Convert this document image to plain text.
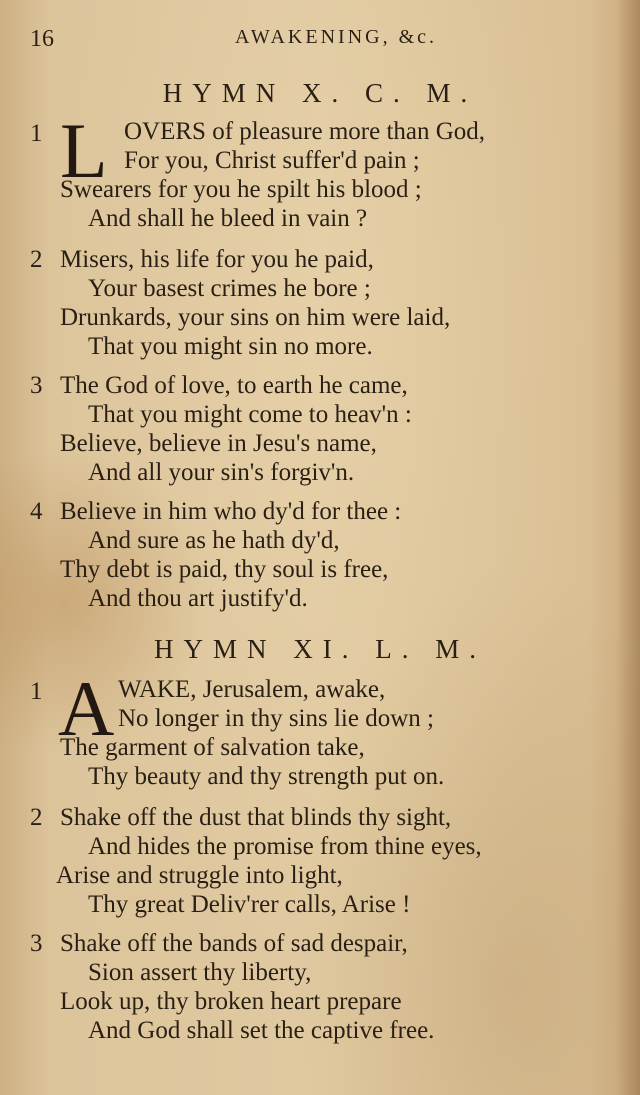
16	AWAKENING, &c.
HYMN X. C. M.
1 L OVERS of pleasure more than God,
For you, Christ suffer'd pain ;
Swearers for you he spilt his blood ;
And shall he bleed in vain ?
2 Misers, his life for you he paid,
Your basest crimes he bore ;
Drunkards, your sins on him were laid,
That you might sin no more.
3 The God of love, to earth he came,
That you might come to heav'n :
Believe, believe in Jesu's name,
And all your sin's forgiv'n.
4 Believe in him who dy'd for thee :
And sure as he hath dy'd,
Thy debt is paid, thy soul is free,
And thou art justify'd.
HYMN XI. L. M.
1 A WAKE, Jerusalem, awake,
No longer in thy sins lie down ;
The garment of salvation take,
Thy beauty and thy strength put on.
2 Shake off the dust that blinds thy sight,
And hides the promise from thine eyes,
Arise and struggle into light,
Thy great Deliv'rer calls, Arise !
3 Shake off the bands of sad despair,
Sion assert thy liberty,
Look up, thy broken heart prepare
And God shall set the captive free.
